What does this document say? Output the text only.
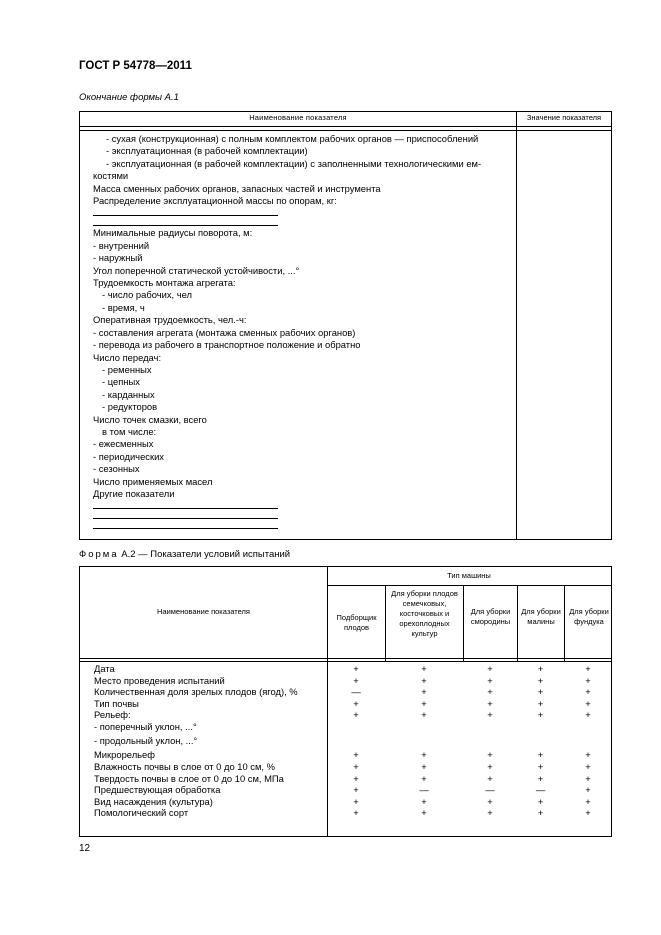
ГОСТ Р 54778—2011
Окончание формы А.1
Наименование показателя	Значение показателя
- сухая (конструкционная) с полным комплектом рабочих органов — приспособлений
- эксплуатационная (в рабочей комплектации)
- эксплуатационная (в рабочей комплектации) с заполненными технологическими ем-
костями
Масса сменных рабочих органов, запасных частей и инструмента
Распределение эксплуатационной массы по опорам, кг:
Минимальные радиусы поворота, м:
- внутренний
- наружный
Угол поперечной статической устойчивости, ...°
Трудоемкость монтажа агрегата:
- число рабочих, чел
- время, ч
Оперативная трудоемкость, чел.-ч:
- составления агрегата (монтажа сменных рабочих органов)
- перевода из рабочего в транспортное положение и обратно
Число передач:
- ременных
- цепных
- карданных
- редукторов
Число точек смазки, всего
в том числе:
- ежесменных
- периодических
- сезонных
Число применяемых масел
Другие показатели
Форма А.2 — Показатели условий испытаний
Наименование показателя
Тип машины
Подборщик плодов
Для уборки плодов семечковых, косточковых и орехоплодных культур
Для уборки смородины
Для уборки малины
Для уборки фундука
Дата	+	+	+	+	+
Место проведения испытаний	+	+	+	+	+
Количественная доля зрелых плодов (ягод), %	—	+	+	+	+
Тип почвы	+	+	+	+	+
Рельеф:	+	+	+	+	+
- поперечный уклон, ...°
- продольный уклон, ...°
Микрорельеф	+	+	+	+	+
Влажность почвы в слое от 0 до 10 см, %	+	+	+	+	+
Твердость почвы в слое от 0 до 10 см, МПа	+	+	+	+	+
Предшествующая обработка	+	—	—	—	+
Вид насаждения (культура)	+	+	+	+	+
Помологический сорт	+	+	+	+	+
12
